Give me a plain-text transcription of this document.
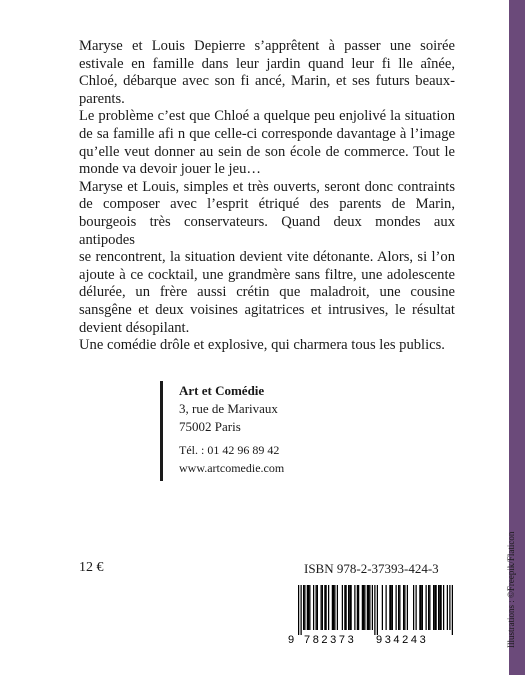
Maryse et Louis Depierre s’apprêtent à passer une soirée estivale en famille dans leur jardin quand leur fi lle aînée, Chloé, débarque avec son fi ancé, Marin, et ses futurs beaux-parents.

Le problème c’est que Chloé a quelque peu enjolivé la situation de sa famille afi n que celle-ci corresponde davantage à l’image qu’elle veut donner au sein de son école de commerce. Tout le monde va devoir jouer le jeu…

Maryse et Louis, simples et très ouverts, seront donc contraints de composer avec l’esprit étriqué des parents de Marin, bourgeois très conservateurs. Quand deux mondes aux antipodes

se rencontrent, la situation devient vite détonante. Alors, si l’on ajoute à ce cocktail, une grandmère sans filtre, une adolescente délurée, un frère aussi crétin que maladroit, une cousine sansgêne et deux voisines agitatrices et intrusives, le résultat devient désopilant.

Une comédie drôle et explosive, qui charmera tous les publics.

Art et Comédie
3, rue de Marivaux
75002 Paris
Tél. : 01 42 96 89 42
www.artcomedie.com
12 €	ISBN 978-2-37393-424-3
9 782373 934243	Illustrations : ©Freepik/Flaticon
